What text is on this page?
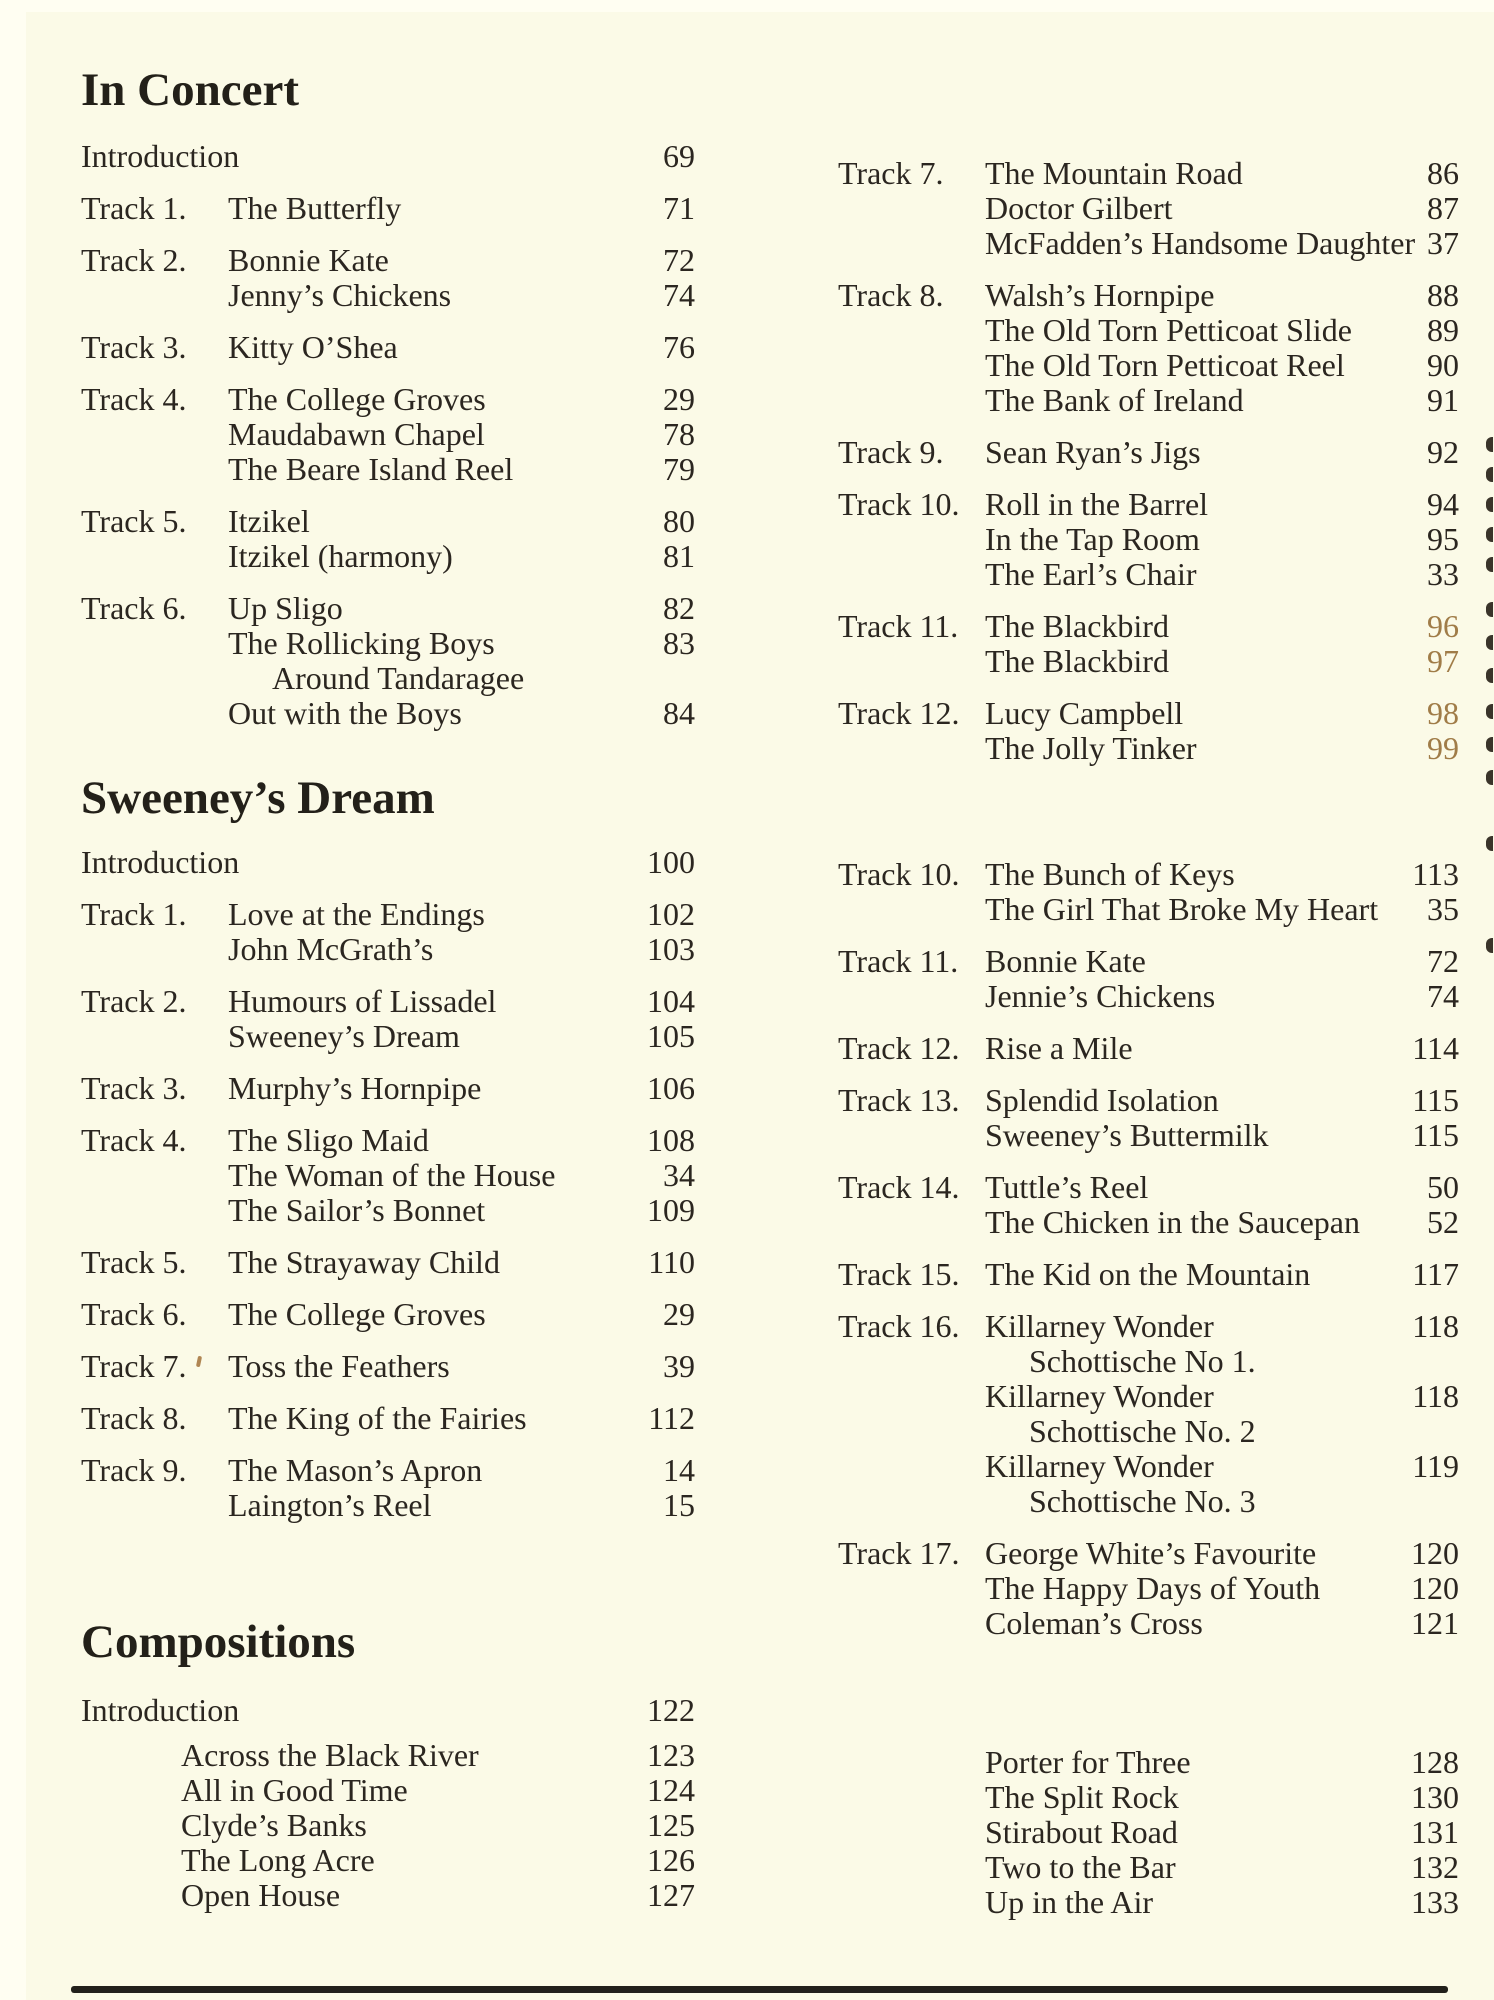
In Concert
Introduction	69
Track 1.	The Butterfly	71
Track 2.	Bonnie Kate	72
Jenny’s Chickens	74
Track 3.	Kitty O’Shea	76
Track 4.	The College Groves	29
Maudabawn Chapel	78
The Beare Island Reel	79
Track 5.	Itzikel	80
Itzikel (harmony)	81
Track 6.	Up Sligo	82
The Rollicking Boys	83
Around Tandaragee
Out with the Boys	84
Track 7.	The Mountain Road	86
Doctor Gilbert	87
McFadden’s Handsome Daughter 37
Track 8.	Walsh’s Hornpipe	88
The Old Torn Petticoat Slide	89
The Old Torn Petticoat Reel	90
The Bank of Ireland	91
Track 9.	Sean Ryan’s Jigs	92
Track 10. Roll in the Barrel	94
In the Tap Room	95
The Earl’s Chair	33
Track 11. The Blackbird	96
The Blackbird	97
Track 12. Lucy Campbell	98
The Jolly Tinker	99
Sweeney’s Dream
Introduction	100
Track 1.	Love at the Endings	102
John McGrath’s	103
Track 2.	Humours of Lissadel	104
Sweeney’s Dream	105
Track 3.	Murphy’s Hornpipe	106
Track 4.	The Sligo Maid	108
The Woman of the House	34
The Sailor’s Bonnet	109
Track 5.	The Strayaway Child	110
Track 6.	The College Groves	29
Track 7.	Toss the Feathers	39
Track 8.	The King of the Fairies	112
Track 9.	The Mason’s Apron	14
Laington’s Reel	15
Track 10. The Bunch of Keys	113
The Girl That Broke My Heart	35
Track 11. Bonnie Kate	72
Jennie’s Chickens	74
Track 12. Rise a Mile	114
Track 13. Splendid Isolation	115
Sweeney’s Buttermilk	115
Track 14. Tuttle’s Reel	50
The Chicken in the Saucepan	52
Track 15. The Kid on the Mountain	117
Track 16. Killarney Wonder	118
Schottische No 1.
Killarney Wonder	118
Schottische No. 2
Killarney Wonder	119
Schottische No. 3
Track 17. George White’s Favourite	120
The Happy Days of Youth	120
Coleman’s Cross	121
Compositions
Introduction	122
Across the Black River	123
All in Good Time	124
Clyde’s Banks	125
The Long Acre	126
Open House	127
Porter for Three	128
The Split Rock	130
Stirabout Road	131
Two to the Bar	132
Up in the Air	133
